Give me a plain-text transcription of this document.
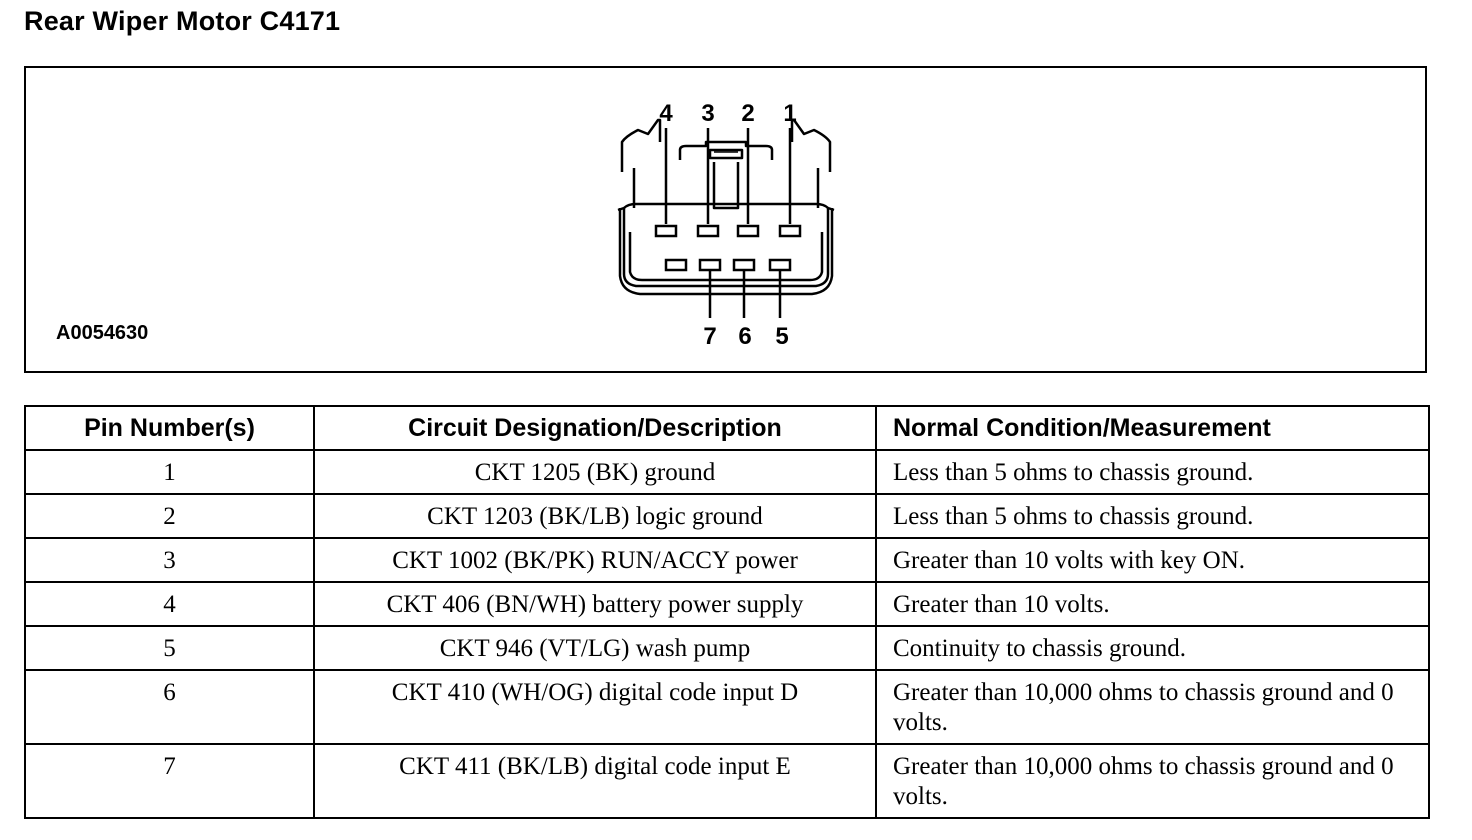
Rear Wiper Motor C4171
4 3 2 1
7 6 5
A0054630
Pin Number(s)	Circuit Designation/Description	Normal Condition/Measurement
1	CKT 1205 (BK) ground	Less than 5 ohms to chassis ground.
2	CKT 1203 (BK/LB) logic ground	Less than 5 ohms to chassis ground.
3	CKT 1002 (BK/PK) RUN/ACCY power	Greater than 10 volts with key ON.
4	CKT 406 (BN/WH) battery power supply	Greater than 10 volts.
5	CKT 946 (VT/LG) wash pump	Continuity to chassis ground.
6	CKT 410 (WH/OG) digital code input D	Greater than 10,000 ohms to chassis ground and 0 volts.
7	CKT 411 (BK/LB) digital code input E	Greater than 10,000 ohms to chassis ground and 0 volts.
